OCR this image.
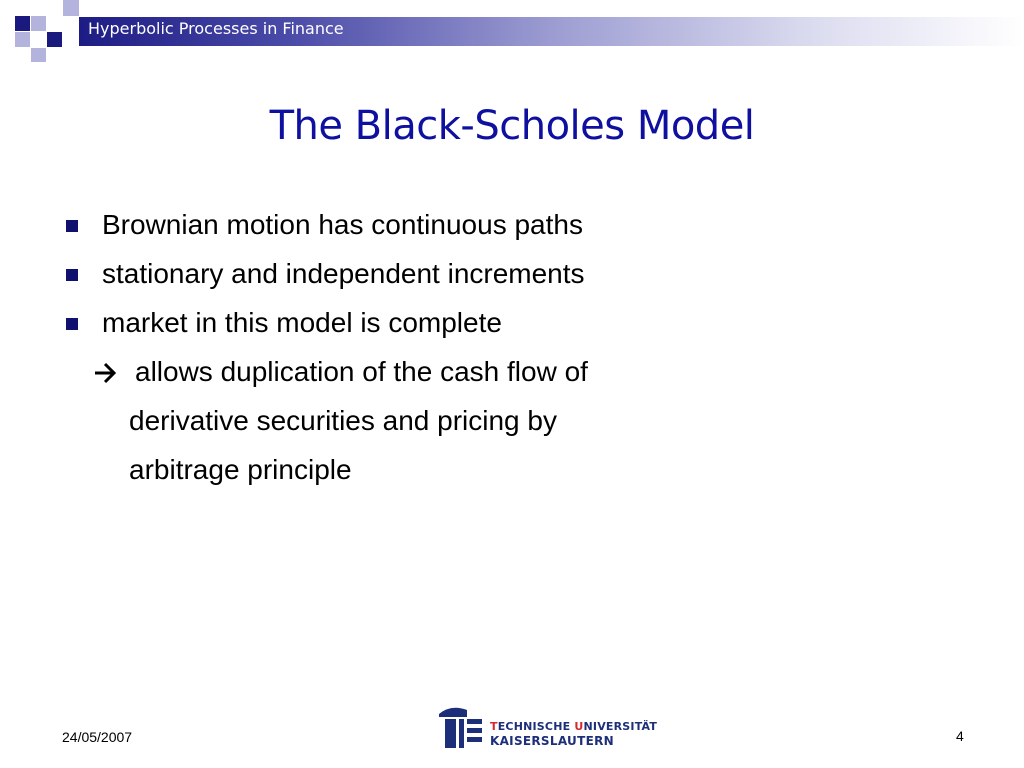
Hyperbolic Processes in Finance
The Black-Scholes Model
Brownian motion has continuous paths
stationary and independent increments
market in this model is complete
allows duplication of the cash flow of
derivative securities and pricing by
arbitrage principle
24/05/2007
TECHNISCHE UNIVERSITÄT
KAISERSLAUTERN	4
